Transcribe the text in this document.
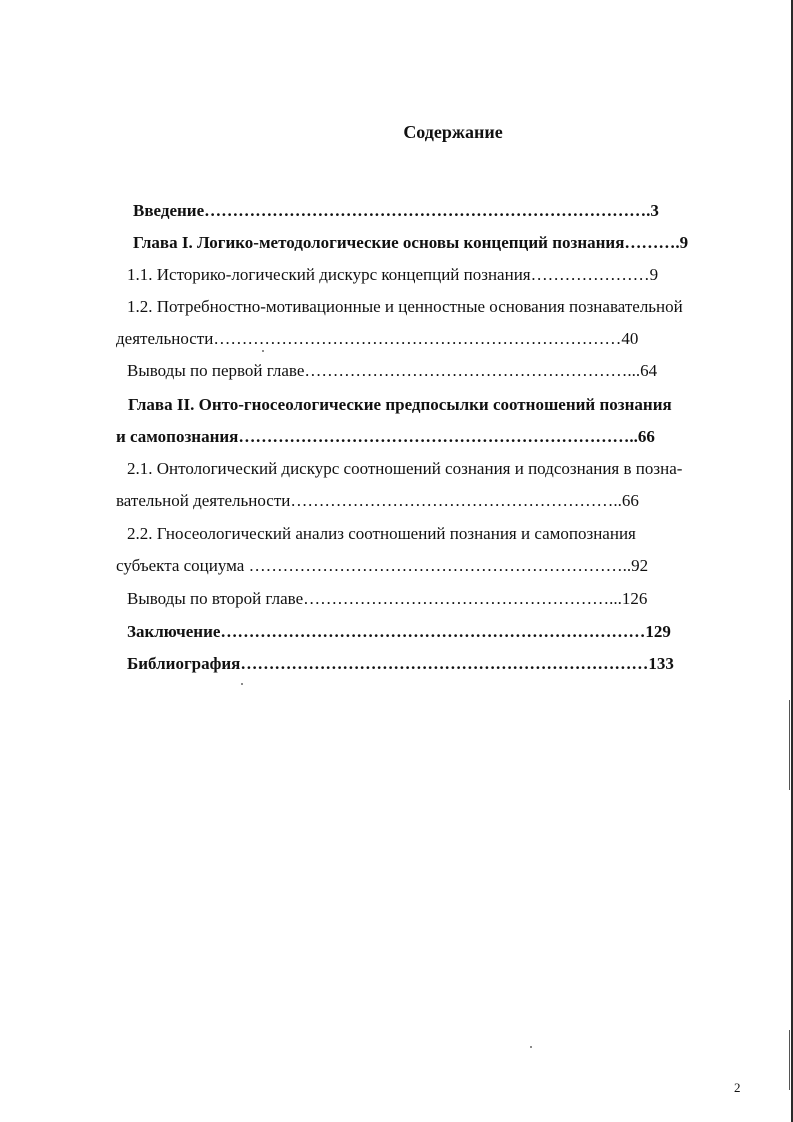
Содержание
Введение…………………………………………………………………….3
Глава I. Логико-методологические основы концепций познания……….9
1.1. Историко-логический дискурс концепций познания…………………9
1.2. Потребностно-мотивационные и ценностные основания познавательной
деятельности………………………………………………………………40
Выводы по первой главе…………………………………………………...64
Глава II. Онто-гносеологические предпосылки соотношений познания
и самопознания……………………………………………………………..66
2.1. Онтологический дискурс соотношений сознания и подсознания в позна-
вательной деятельности…………………………………………………..66
2.2. Гносеологический анализ соотношений познания и самопознания
субъекта социума …………………………………………………………..92
Выводы по второй главе………………………………………………...126
Заключение…………………………………………………………………129
Библиография………………………………………………………………133
2
